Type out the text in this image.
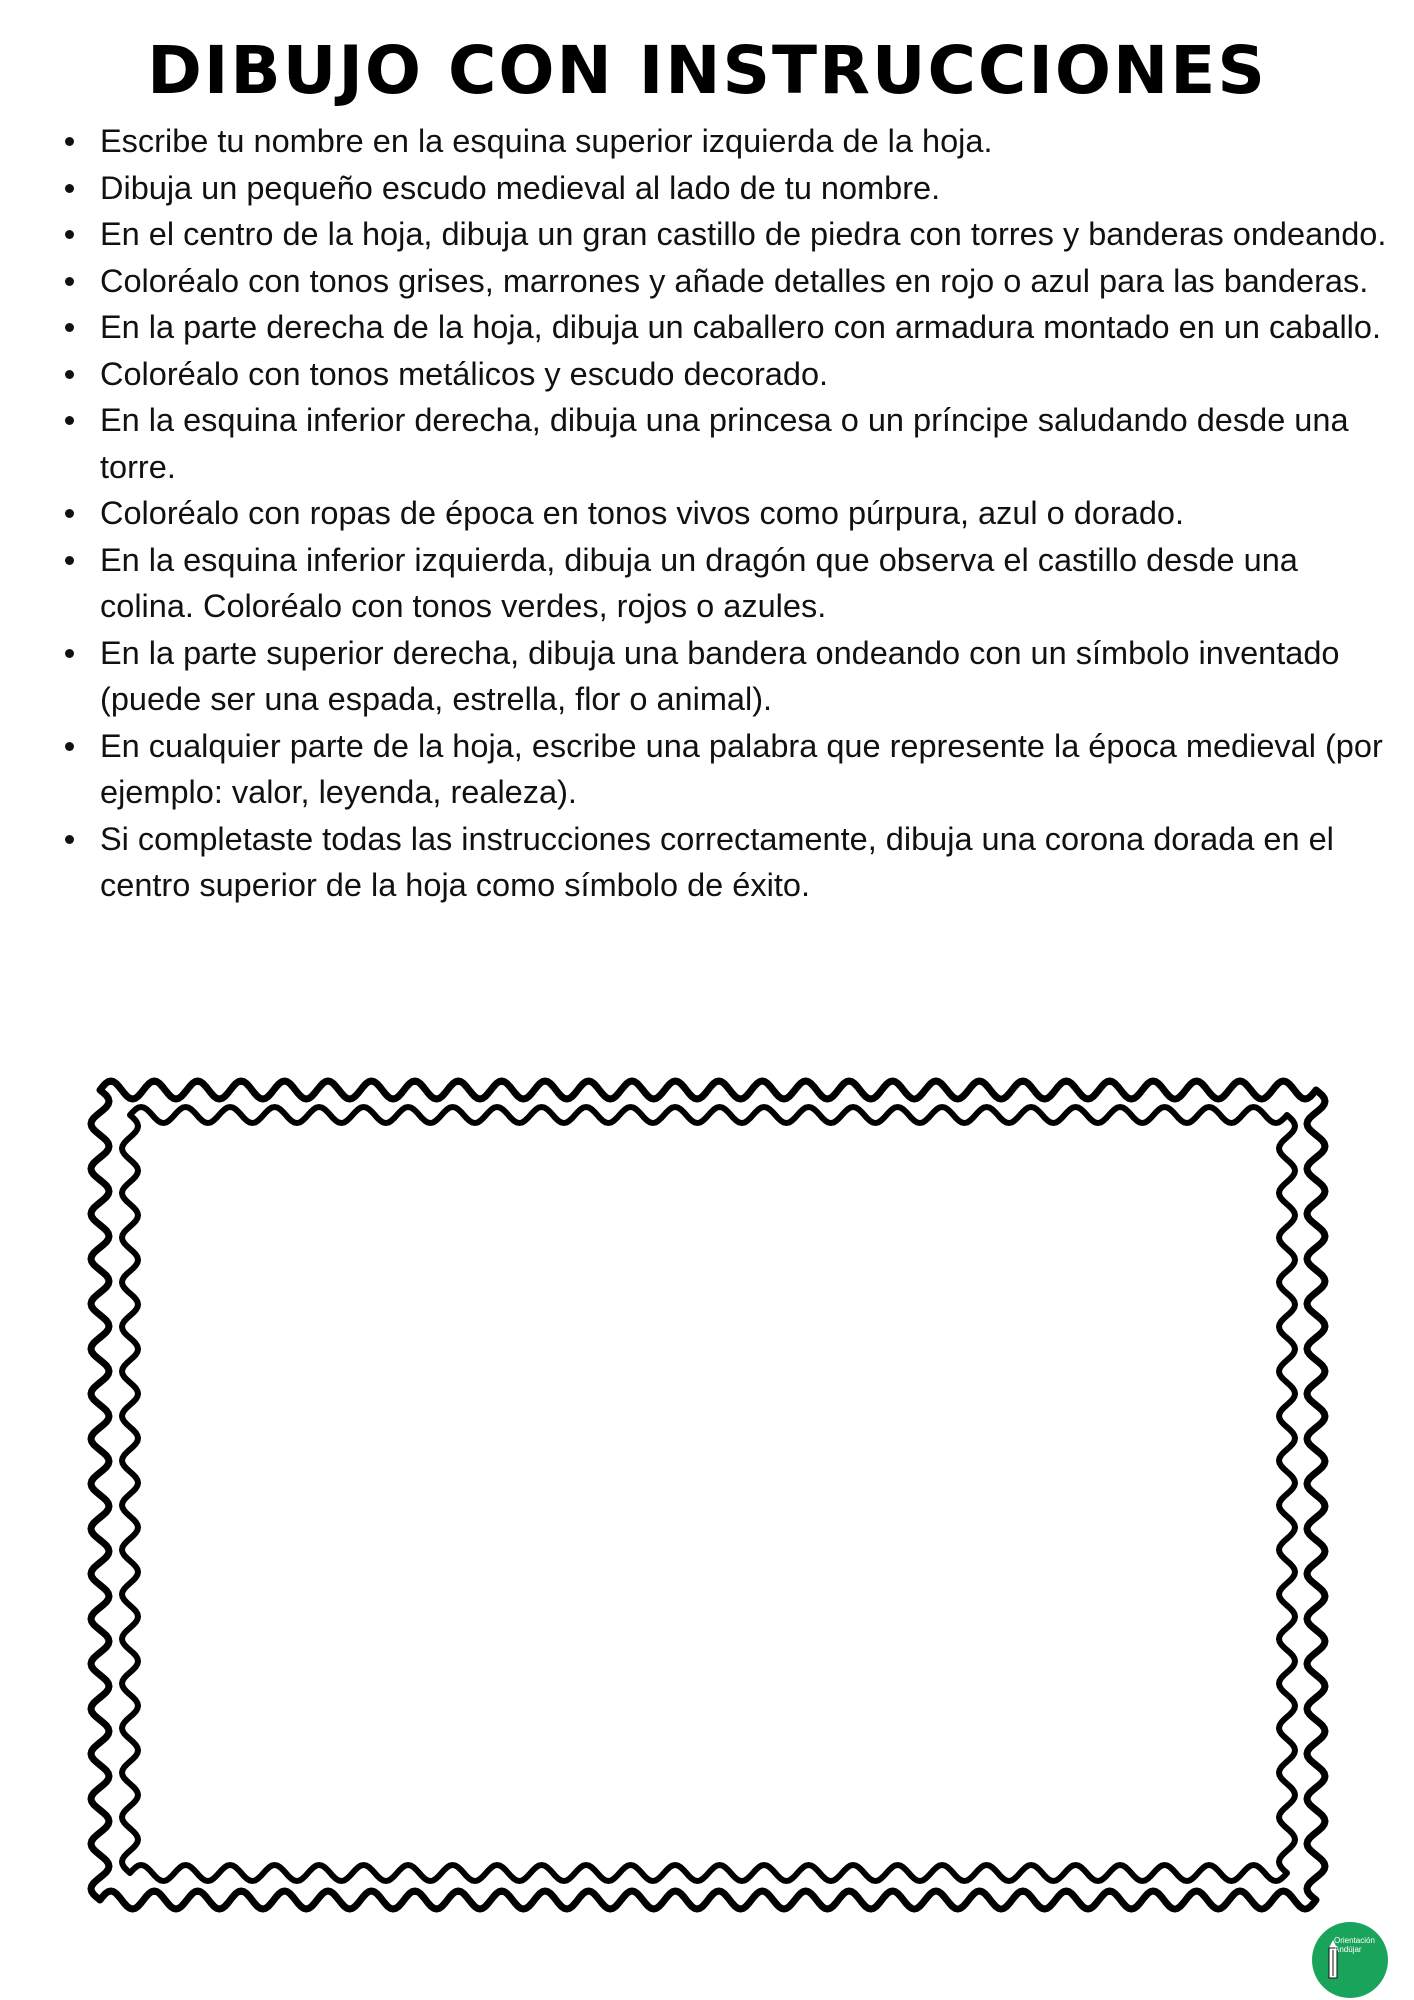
DIBUJO CON INSTRUCCIONES
Escribe tu nombre en la esquina superior izquierda de la hoja.
Dibuja un pequeño escudo medieval al lado de tu nombre.
En el centro de la hoja, dibuja un gran castillo de piedra con torres y banderas ondeando.
Coloréalo con tonos grises, marrones y añade detalles en rojo o azul para las banderas.
En la parte derecha de la hoja, dibuja un caballero con armadura montado en un caballo.
Coloréalo con tonos metálicos y escudo decorado.
En la esquina inferior derecha, dibuja una princesa o un príncipe saludando desde una torre.
Coloréalo con ropas de época en tonos vivos como púrpura, azul o dorado.
En la esquina inferior izquierda, dibuja un dragón que observa el castillo desde una colina. Coloréalo con tonos verdes, rojos o azules.
En la parte superior derecha, dibuja una bandera ondeando con un símbolo inventado (puede ser una espada, estrella, flor o animal).
En cualquier parte de la hoja, escribe una palabra que represente la época medieval (por ejemplo: valor, leyenda, realeza).
Si completaste todas las instrucciones correctamente, dibuja una corona dorada en el centro superior de la hoja como símbolo de éxito.
Orientación
Andújar
